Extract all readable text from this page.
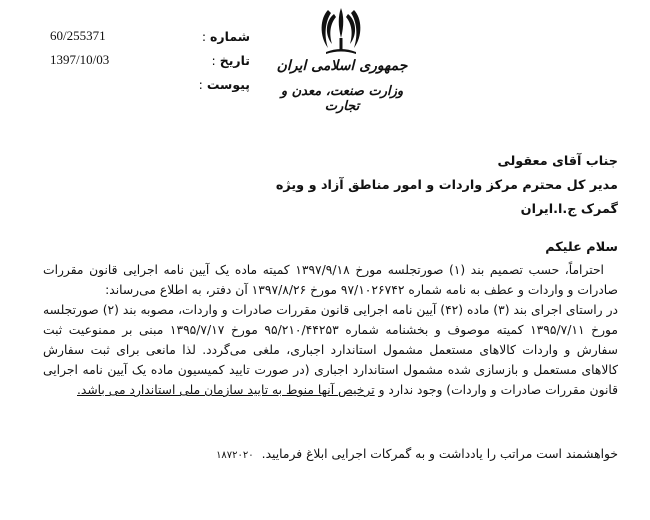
شماره:
60/255371
تاریخ:
1397/10/03
پیوست:
جمهوری اسلامی ایران
وزارت صنعت، معدن و تجارت
جناب آقای معقولی
مدیر کل محترم مرکز واردات و امور مناطق آزاد و ویژه
گمرک ج.ا.ایران
سلام علیکم

احتراماً، حسب تصمیم بند (۱) صورتجلسه مورخ ۱۳۹۷/۹/۱۸ کمیته ماده یک آیین نامه اجرایی قانون مقررات صادرات و واردات و عطف به نامه شماره ۹۷/۱۰۲۶۷۴۲ مورخ ۱۳۹۷/۸/۲۶ آن دفتر، به اطلاع می‌رساند:

در راستای اجرای بند (۳) ماده (۴۲) آیین نامه اجرایی قانون مقررات صادرات و واردات، مصوبه بند (۲) صورتجلسه مورخ ۱۳۹۵/۷/۱۱ کمیته موصوف و بخشنامه شماره ۹۵/۲۱۰/۴۴۲۵۳ مورخ ۱۳۹۵/۷/۱۷ مبنی بر ممنوعیت ثبت سفارش و واردات کالاهای مستعمل مشمول استاندارد اجباری، ملغی می‌گردد. لذا مانعی برای ثبت سفارش کالاهای مستعمل و بازسازی شده مشمول استاندارد اجباری (در صورت تایید کمیسیون ماده یک آیین نامه اجرایی قانون مقررات صادرات و واردات) وجود ندارد و ترخیص آنها منوط به تایید سازمان ملی استاندارد می باشد.

خواهشمند است مراتب را یادداشت و به گمرکات اجرایی ابلاغ فرمایید.۱۸۷۲۰۲۰
